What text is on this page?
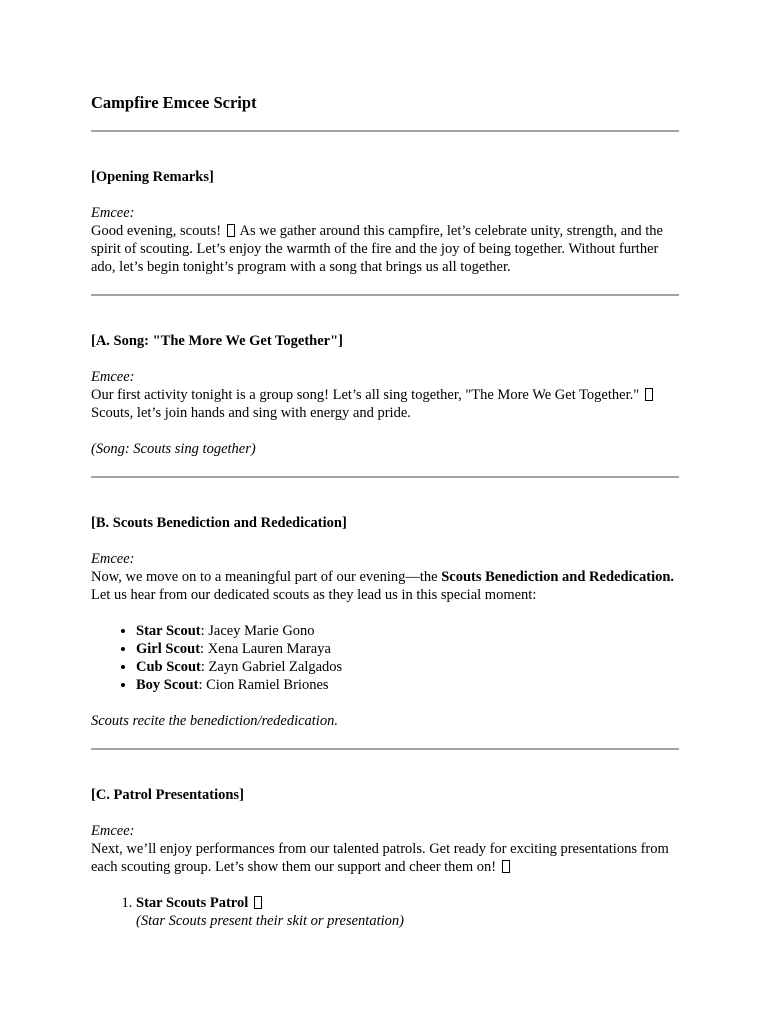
Campfire Emcee Script
[Opening Remarks]
Emcee:

Good evening, scouts! As we gather around this campfire, let’s celebrate unity, strength, and the spirit of scouting. Let’s enjoy the warmth of the fire and the joy of being together. Without further ado, let’s begin tonight’s program with a song that brings us all together.

[A. Song: "The More We Get Together"]
Emcee:

Our first activity tonight is a group song! Let’s all sing together, "The More We Get Together."  Scouts, let’s join hands and sing with energy and pride.

(Song: Scouts sing together)

[B. Scouts Benediction and Rededication]
Emcee:

Now, we move on to a meaningful part of our evening—the Scouts Benediction and Rededication. Let us hear from our dedicated scouts as they lead us in this special moment:

• Star Scout: Jacey Marie Gono
• Girl Scout: Xena Lauren Maraya
• Cub Scout: Zayn Gabriel Zalgados
• Boy Scout: Cion Ramiel Briones

Scouts recite the benediction/rededication.

[C. Patrol Presentations]
Emcee:

Next, we’ll enjoy performances from our talented patrols. Get ready for exciting presentations from each scouting group. Let’s show them our support and cheer them on!

1. Star Scouts Patrol
(Star Scouts present their skit or presentation)
